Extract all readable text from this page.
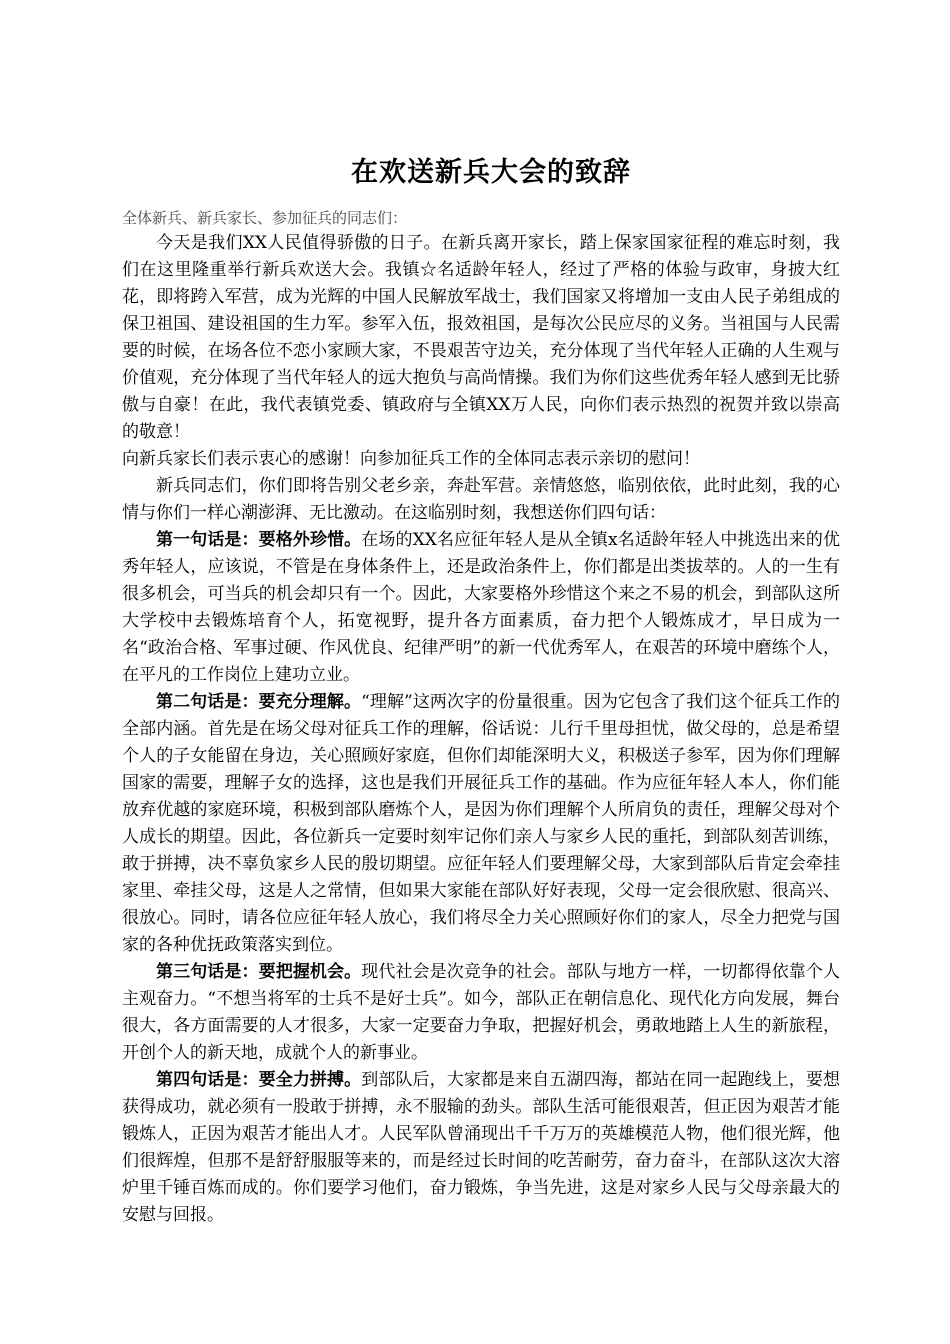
在欢送新兵大会的致辞

全体新兵、新兵家长、参加征兵的同志们：

今天是我们XX人民值得骄傲的日子。在新兵离开家长，踏上保家国家征程的难忘时刻，我们在这里隆重举行新兵欢送大会。我镇☆名适龄年轻人，经过了严格的体验与政审，身披大红花，即将跨入军营，成为光辉的中国人民解放军战士，我们国家又将增加一支由人民子弟组成的保卫祖国、建设祖国的生力军。参军入伍，报效祖国，是每次公民应尽的义务。当祖国与人民需要的时候，在场各位不恋小家顾大家，不畏艰苦守边关，充分体现了当代年轻人正确的人生观与价值观，充分体现了当代年轻人的远大抱负与高尚情操。我们为你们这些优秀年轻人感到无比骄傲与自豪！在此，我代表镇党委、镇政府与全镇XX万人民，向你们表示热烈的祝贺并致以崇高的敬意！
向新兵家长们表示衷心的感谢！向参加征兵工作的全体同志表示亲切的慰问！

新兵同志们，你们即将告别父老乡亲，奔赴军营。亲情悠悠，临别依依，此时此刻，我的心情与你们一样心潮澎湃、无比激动。在这临别时刻，我想送你们四句话：

第一句话是：要格外珍惜。在场的XX名应征年轻人是从全镇x名适龄年轻人中挑选出来的优秀年轻人，应该说，不管是在身体条件上，还是政治条件上，你们都是出类拔萃的。人的一生有很多机会，可当兵的机会却只有一个。因此，大家要格外珍惜这个来之不易的机会，到部队这所大学校中去锻炼培育个人，拓宽视野，提升各方面素质，奋力把个人锻炼成才，早日成为一名“政治合格、军事过硬、作风优良、纪律严明”的新一代优秀军人，在艰苦的环境中磨练个人，在平凡的工作岗位上建功立业。

第二句话是：要充分理解。“理解”这两次字的份量很重。因为它包含了我们这个征兵工作的全部内涵。首先是在场父母对征兵工作的理解，俗话说：儿行千里母担忧，做父母的，总是希望个人的子女能留在身边，关心照顾好家庭，但你们却能深明大义，积极送子参军，因为你们理解国家的需要，理解子女的选择，这也是我们开展征兵工作的基础。作为应征年轻人本人，你们能放弃优越的家庭环境，积极到部队磨炼个人，是因为你们理解个人所肩负的责任，理解父母对个人成长的期望。因此，各位新兵一定要时刻牢记你们亲人与家乡人民的重托，到部队刻苦训练，敢于拼搏，决不辜负家乡人民的殷切期望。应征年轻人们要理解父母，大家到部队后肯定会牵挂家里、牵挂父母，这是人之常情，但如果大家能在部队好好表现，父母一定会很欣慰、很高兴、很放心。同时，请各位应征年轻人放心，我们将尽全力关心照顾好你们的家人，尽全力把党与国家的各种优抚政策落实到位。

第三句话是：要把握机会。现代社会是次竞争的社会。部队与地方一样，一切都得依靠个人主观奋力。“不想当将军的士兵不是好士兵”。如今，部队正在朝信息化、现代化方向发展，舞台很大，各方面需要的人才很多，大家一定要奋力争取，把握好机会，勇敢地踏上人生的新旅程，开创个人的新天地，成就个人的新事业。

第四句话是：要全力拼搏。到部队后，大家都是来自五湖四海，都站在同一起跑线上，要想获得成功，就必须有一股敢于拼搏，永不服输的劲头。部队生活可能很艰苦，但正因为艰苦才能锻炼人，正因为艰苦才能出人才。人民军队曾涌现出千千万万的英雄模范人物，他们很光辉，他们很辉煌，但那不是舒舒服服等来的，而是经过长时间的吃苦耐劳，奋力奋斗，在部队这次大溶炉里千锤百炼而成的。你们要学习他们，奋力锻炼，争当先进，这是对家乡人民与父母亲最大的安慰与回报。
